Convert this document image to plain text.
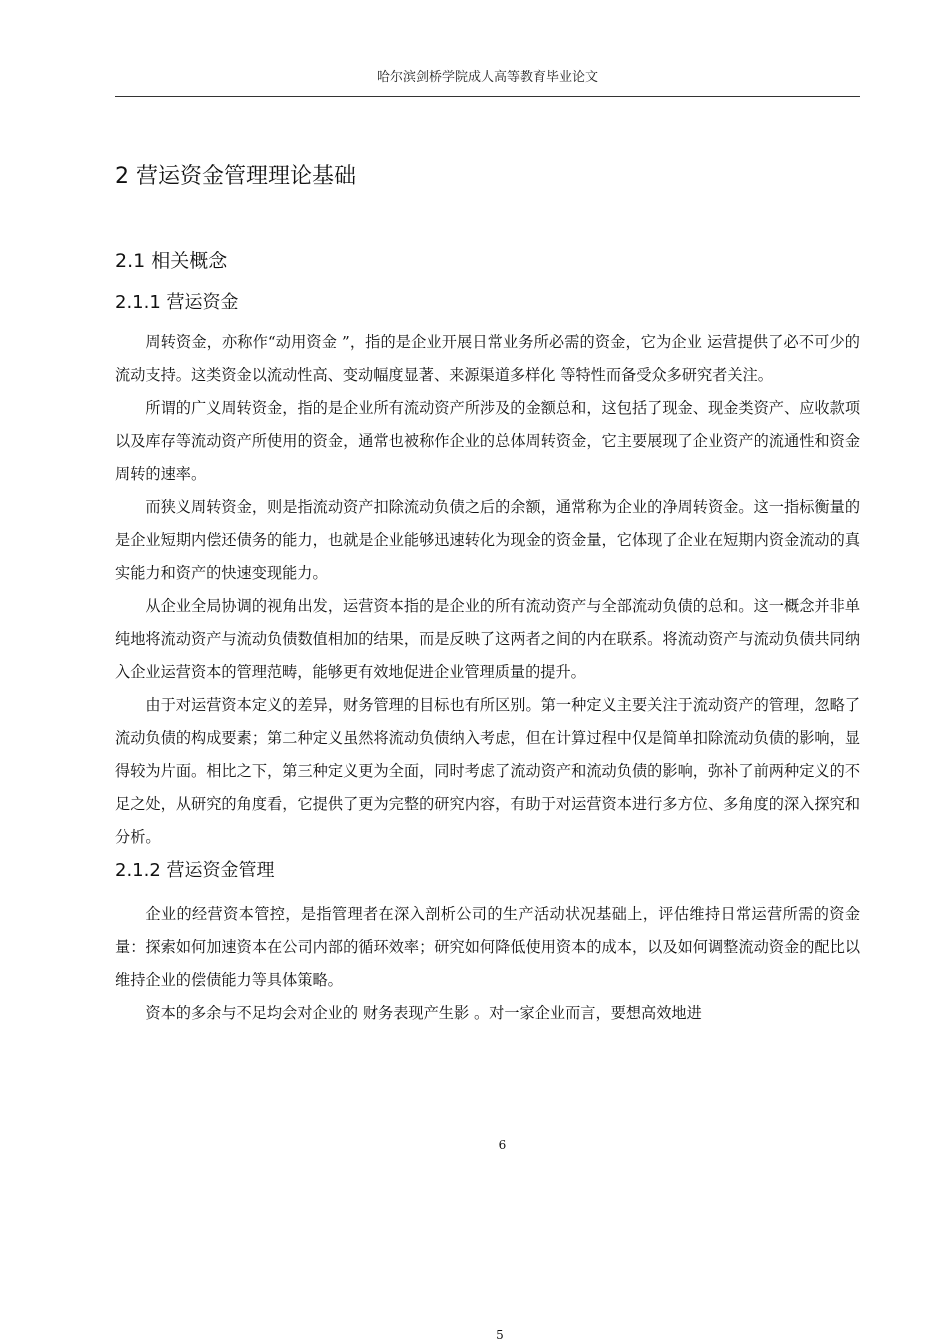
哈尔滨剑桥学院成人高等教育毕业论文
2 营运资金管理理论基础
2.1 相关概念
2.1.1 营运资金

周转资金，亦称作“动用资金 ”，指的是企业开展日常业务所必需的资金，它为企业 运营提供了必不可少的流动支持。这类资金以流动性高、变动幅度显著、来源渠道多样化 等特性而备受众多研究者关注。

所谓的广义周转资金，指的是企业所有流动资产所涉及的金额总和，这包括了现金、现金类资产、应收款项以及库存等流动资产所使用的资金，通常也被称作企业的总体周转资金，它主要展现了企业资产的流通性和资金周转的速率。

而狭义周转资金，则是指流动资产扣除流动负债之后的余额，通常称为企业的净周转资金。这一指标衡量的是企业短期内偿还债务的能力，也就是企业能够迅速转化为现金的资金量，它体现了企业在短期内资金流动的真实能力和资产的快速变现能力。

从企业全局协调的视角出发，运营资本指的是企业的所有流动资产与全部流动负债的总和。这一概念并非单纯地将流动资产与流动负债数值相加的结果，而是反映了这两者之间的内在联系。将流动资产与流动负债共同纳入企业运营资本的管理范畴，能够更有效地促进企业管理质量的提升。

由于对运营资本定义的差异，财务管理的目标也有所区别。第一种定义主要关注于流动资产的管理，忽略了流动负债的构成要素；第二种定义虽然将流动负债纳入考虑，但在计算过程中仅是简单扣除流动负债的影响，显得较为片面。相比之下，第三种定义更为全面，同时考虑了流动资产和流动负债的影响，弥补了前两种定义的不足之处，从研究的角度看，它提供了更为完整的研究内容，有助于对运营资本进行多方位、多角度的深入探究和分析。

2.1.2 营运资金管理

企业的经营资本管控，是指管理者在深入剖析公司的生产活动状况基础上，评估维持日常运营所需的资金量：探索如何加速资本在公司内部的循环效率；研究如何降低使用资本的成本，以及如何调整流动资金的配比以维持企业的偿债能力等具体策略。

资本的多余与不足均会对企业的 财务表现产生影 。对一家企业而言，要想高效地进

6
5
